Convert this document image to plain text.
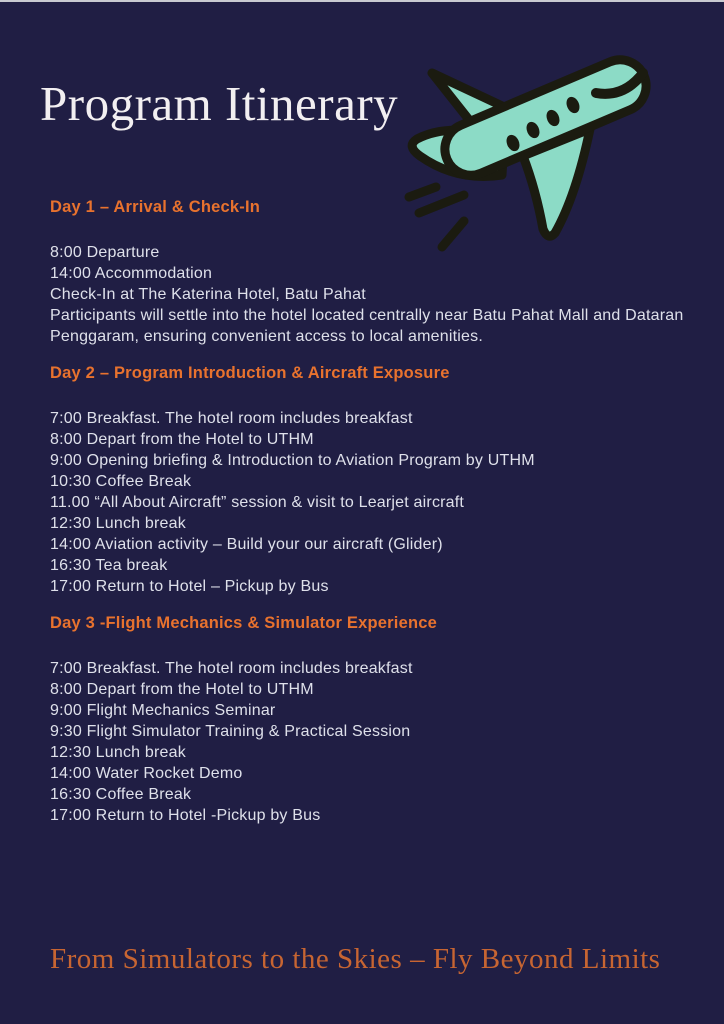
Program Itinerary
Day 1 – Arrival & Check-In

8:00 Departure

14:00 Accommodation

Check-In at The Katerina Hotel, Batu Pahat

Participants will settle into the hotel located centrally near Batu Pahat Mall and Dataran Penggaram, ensuring convenient access to local amenities.

Day 2 – Program Introduction & Aircraft Exposure

7:00 Breakfast. The hotel room includes breakfast

8:00 Depart from the Hotel to UTHM

9:00 Opening briefing & Introduction to Aviation Program by UTHM

10:30 Coffee Break

11.00 “All About Aircraft” session & visit to Learjet aircraft

12:30 Lunch break

14:00 Aviation activity – Build your our aircraft (Glider)

16:30 Tea break

17:00 Return to Hotel – Pickup by Bus

Day 3 -Flight Mechanics & Simulator Experience

7:00 Breakfast. The hotel room includes breakfast

8:00 Depart from the Hotel to UTHM

9:00 Flight Mechanics Seminar

9:30 Flight Simulator Training & Practical Session

12:30 Lunch break

14:00 Water Rocket Demo

16:30 Coffee Break

17:00 Return to Hotel -Pickup by Bus

From Simulators to the Skies – Fly Beyond Limits
